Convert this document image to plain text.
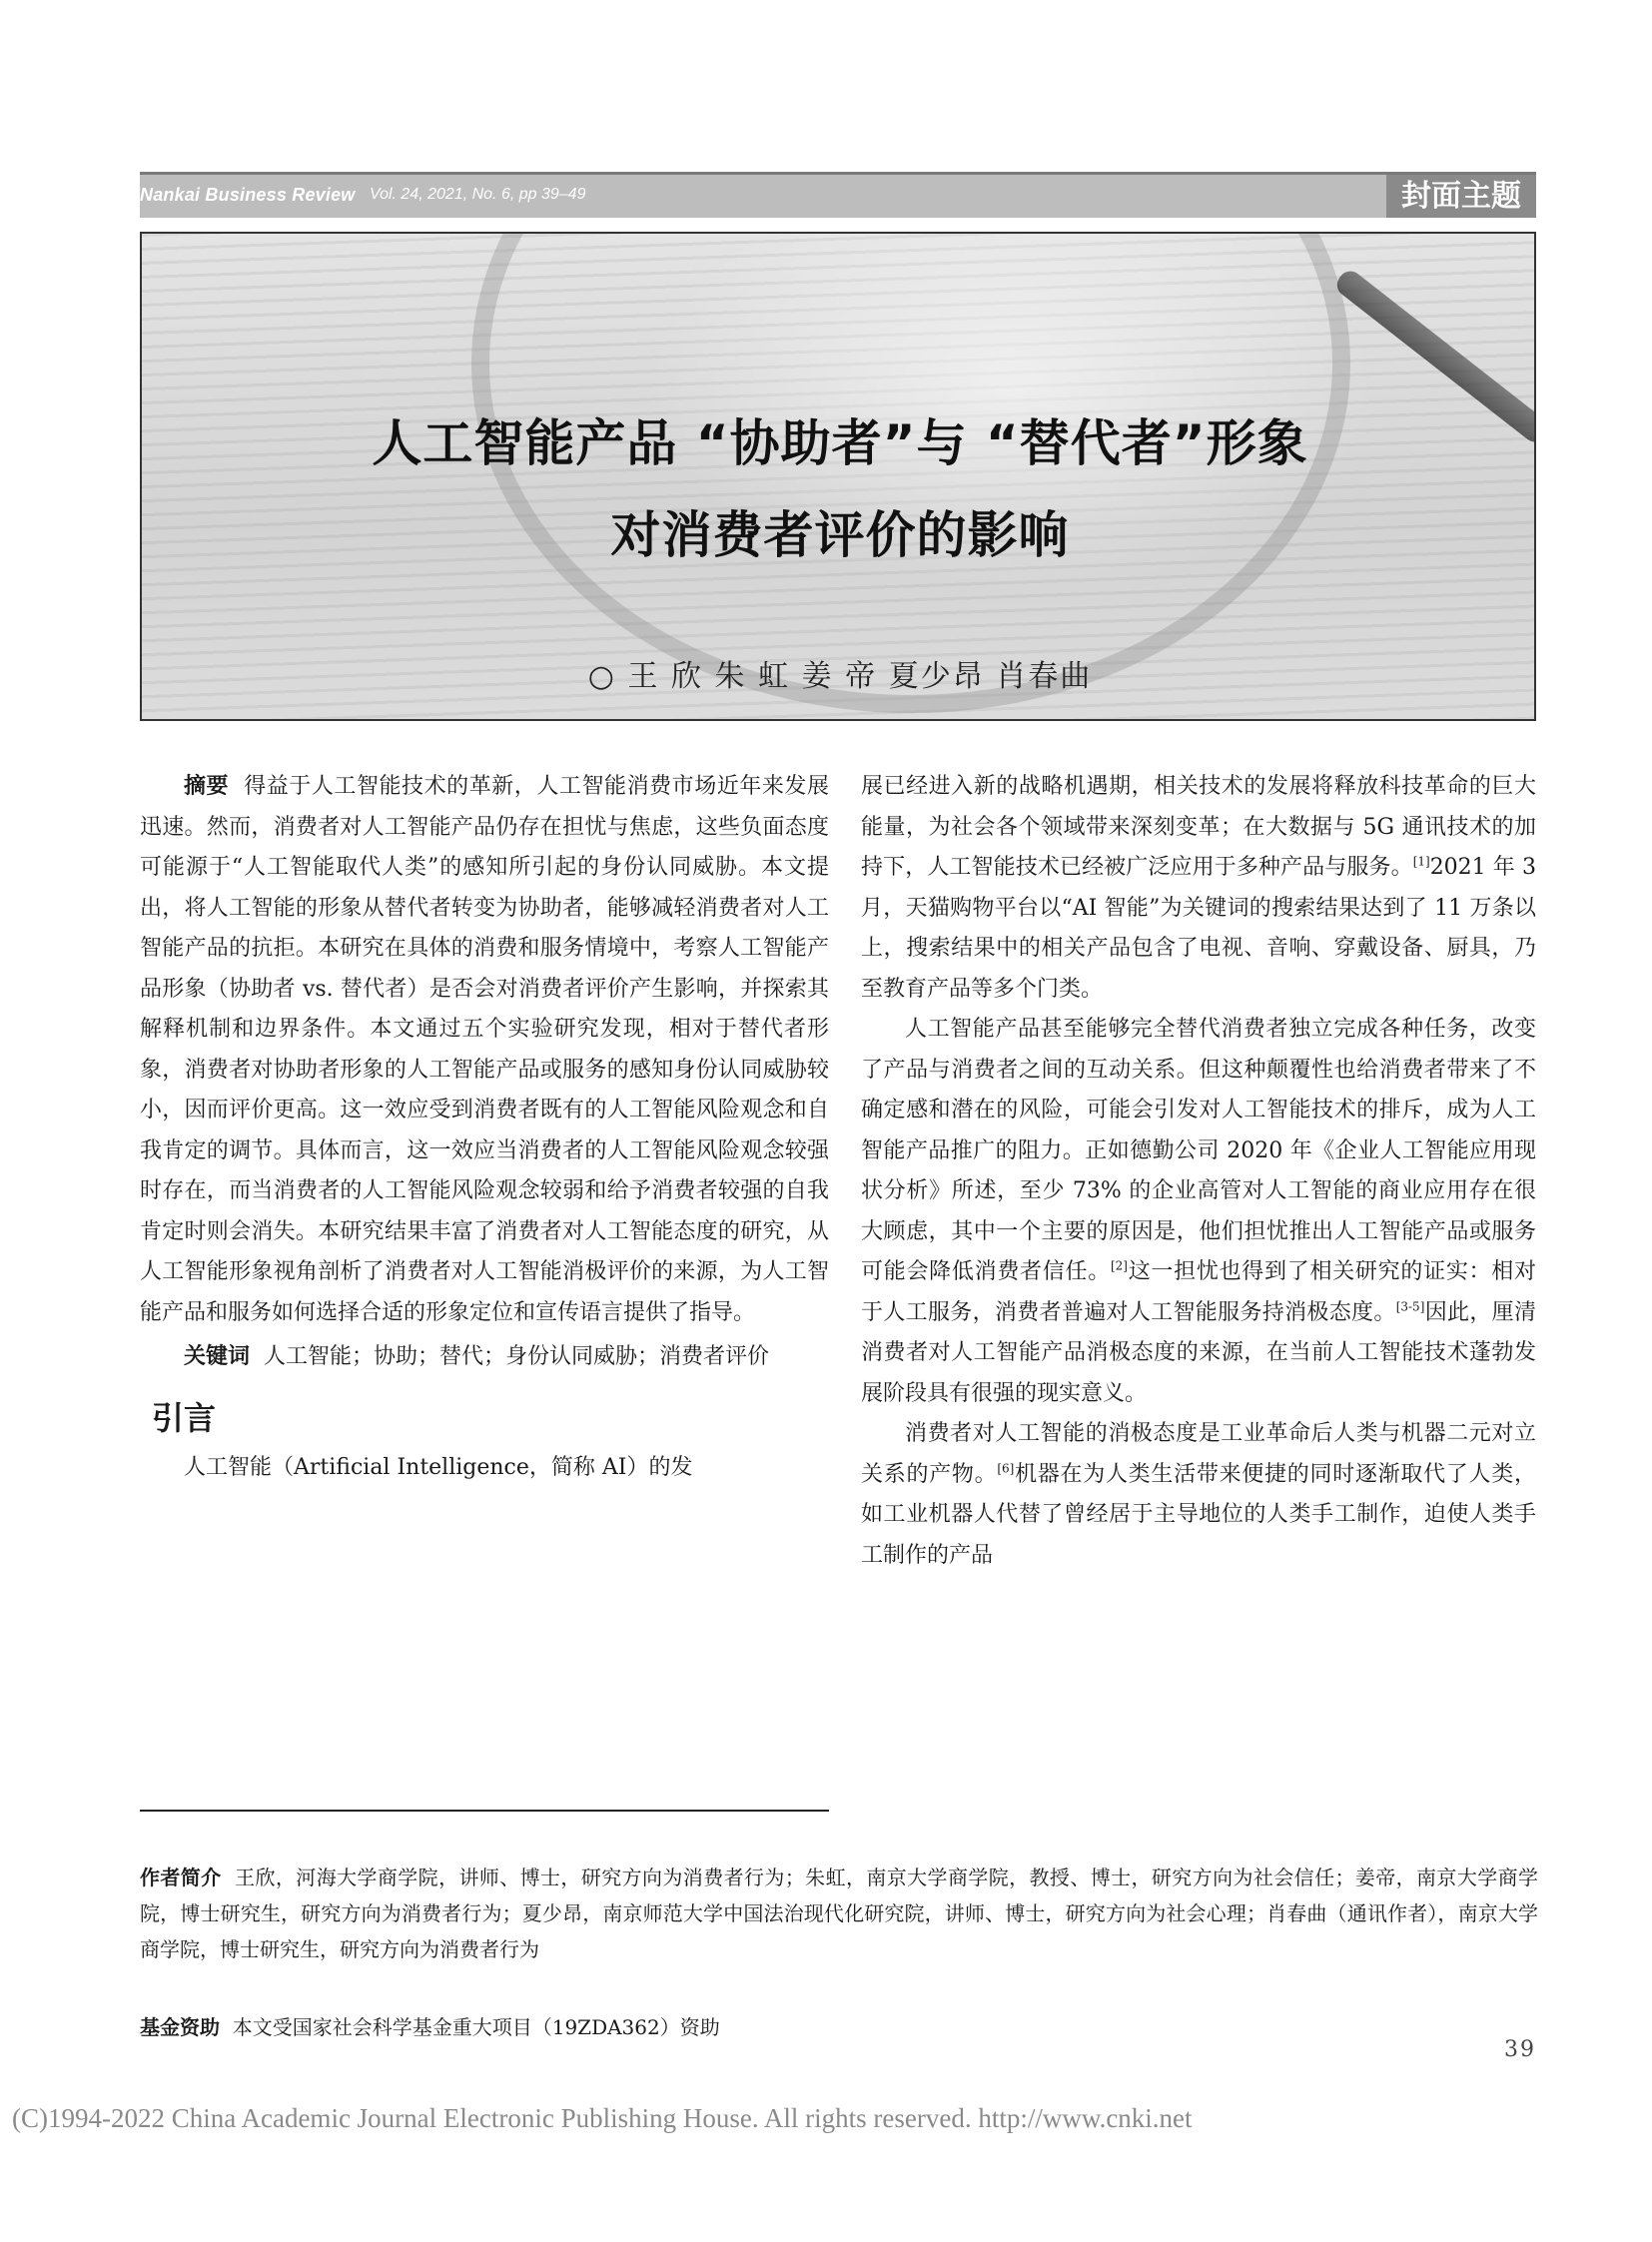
Nankai Business Review Vol. 24, 2021, No. 6, pp 39–49	封面主题
人工智能产品 “协助者”与 “替代者”形象
对消费者评价的影响
○ 王 欣 朱 虹 姜 帝 夏少昂 肖春曲

摘要 得益于人工智能技术的革新，人工智能消费市场近年来发展迅速。然而，消费者对人工智能产品仍存在担忧与焦虑，这些负面态度可能源于“人工智能取代人类”的感知所引起的身份认同威胁。本文提出，将人工智能的形象从替代者转变为协助者，能够减轻消费者对人工智能产品的抗拒。本研究在具体的消费和服务情境中，考察人工智能产品形象（协助者 vs. 替代者）是否会对消费者评价产生影响，并探索其解释机制和边界条件。本文通过五个实验研究发现，相对于替代者形象，消费者对协助者形象的人工智能产品或服务的感知身份认同威胁较小，因而评价更高。这一效应受到消费者既有的人工智能风险观念和自我肯定的调节。具体而言，这一效应当消费者的人工智能风险观念较强时存在，而当消费者的人工智能风险观念较弱和给予消费者较强的自我肯定时则会消失。本研究结果丰富了消费者对人工智能态度的研究，从人工智能形象视角剖析了消费者对人工智能消极评价的来源，为人工智能产品和服务如何选择合适的形象定位和宣传语言提供了指导。

关键词 人工智能；协助；替代；身份认同威胁；消费者评价

引言

人工智能（Artificial Intelligence，简称 AI）的发

展已经进入新的战略机遇期，相关技术的发展将释放科技革命的巨大能量，为社会各个领域带来深刻变革；在大数据与 5G 通讯技术的加持下，人工智能技术已经被广泛应用于多种产品与服务。[1]2021 年 3 月，天猫购物平台以“AI 智能”为关键词的搜索结果达到了 11 万条以上，搜索结果中的相关产品包含了电视、音响、穿戴设备、厨具，乃至教育产品等多个门类。

人工智能产品甚至能够完全替代消费者独立完成各种任务，改变了产品与消费者之间的互动关系。但这种颠覆性也给消费者带来了不确定感和潜在的风险，可能会引发对人工智能技术的排斥，成为人工智能产品推广的阻力。正如德勤公司 2020 年《企业人工智能应用现状分析》所述，至少 73% 的企业高管对人工智能的商业应用存在很大顾虑，其中一个主要的原因是，他们担忧推出人工智能产品或服务可能会降低消费者信任。[2]这一担忧也得到了相关研究的证实：相对于人工服务，消费者普遍对人工智能服务持消极态度。[3-5]因此，厘清消费者对人工智能产品消极态度的来源，在当前人工智能技术蓬勃发展阶段具有很强的现实意义。

消费者对人工智能的消极态度是工业革命后人类与机器二元对立关系的产物。[6]机器在为人类生活带来便捷的同时逐渐取代了人类，如工业机器人代替了曾经居于主导地位的人类手工制作，迫使人类手工制作的产品

作者简介 王欣，河海大学商学院，讲师、博士，研究方向为消费者行为；朱虹，南京大学商学院，教授、博士，研究方向为社会信任；姜帝，南京大学商学院，博士研究生，研究方向为消费者行为；夏少昂，南京师范大学中国法治现代化研究院，讲师、博士，研究方向为社会心理；肖春曲（通讯作者），南京大学商学院，博士研究生，研究方向为消费者行为
基金资助 本文受国家社会科学基金重大项目（19ZDA362）资助
39
(C)1994-2022 China Academic Journal Electronic Publishing House. All rights reserved. http://www.cnki.net
